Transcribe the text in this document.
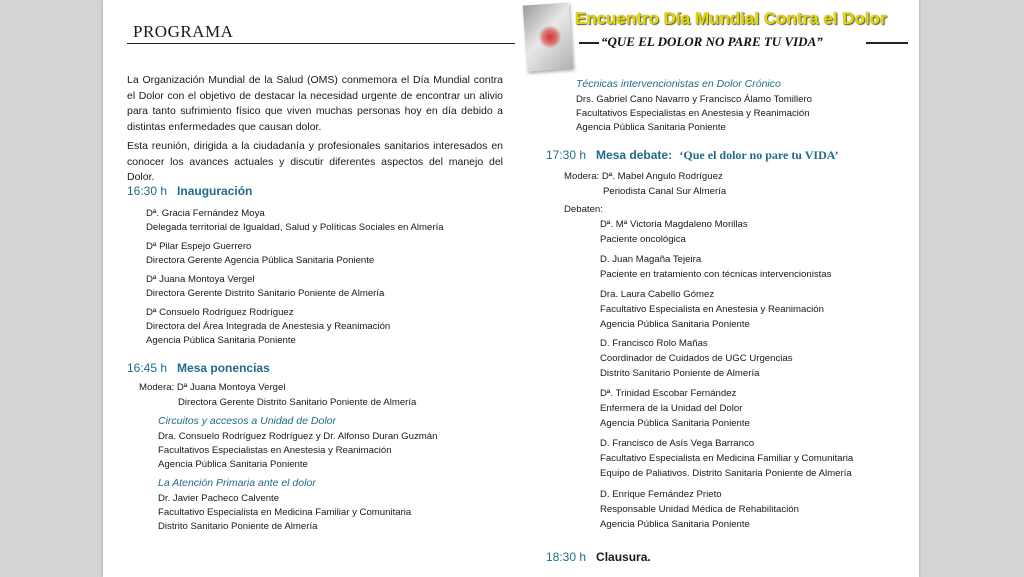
PROGRAMA
Encuentro Día Mundial Contra el Dolor
“QUE EL DOLOR NO PARE TU VIDA”
La Organización Mundial de la Salud (OMS) conmemora el Día Mundial contra el Dolor con el objetivo de destacar la necesidad urgente de encontrar un alivio para tanto sufrimiento físico que viven muchas personas hoy en día debido a distintas enfermedades que causan dolor.
Esta reunión, dirigida a la ciudadanía y profesionales sanitarios interesados en conocer los avances actuales y discutir diferentes aspectos del manejo del Dolor.
16:30 h Inauguración
Dª. Gracia Fernández Moya
Delegada territorial de Igualdad, Salud y Políticas Sociales en Almería
Dª Pilar Espejo Guerrero
Directora Gerente Agencia Pública Sanitaria Poniente
Dª Juana Montoya Vergel
Directora Gerente Distrito Sanitario Poniente de Almería
Dª Consuelo Rodríguez Rodríguez
Directora del Área Integrada de Anestesia y Reanimación
Agencia Pública Sanitaria Poniente
16:45 h Mesa ponencias
Modera: Dª Juana Montoya Vergel
Directora Gerente Distrito Sanitario Poniente de Almería
Circuitos y accesos a Unidad de Dolor
Dra. Consuelo Rodríguez Rodríguez y Dr. Alfonso Duran Guzmán
Facultativos Especialistas en Anestesia y Reanimación
Agencia Pública Sanitaria Poniente
La Atención Primaria ante el dolor
Dr. Javier Pacheco Calvente
Facultativo Especialista en Medicina Familiar y Comunitaria
Distrito Sanitario Poniente de Almería
Técnicas intervencionistas en Dolor Crónico
Drs. Gabriel Cano Navarro y Francisco Álamo Tomillero
Facultativos Especialistas en Anestesia y Reanimación
Agencia Pública Sanitaria Poniente
17:30 h Mesa debate: ‘Que el dolor no pare tu VIDA’
Modera: Dª. Mabel Angulo Rodríguez
Periodista Canal Sur Almería
Debaten:
Dª. Mª Victoria Magdaleno Morillas
Paciente oncológica
D. Juan Magaña Tejeira
Paciente en tratamiento con técnicas intervencionistas
Dra. Laura Cabello Gómez
Facultativo Especialista en Anestesia y Reanimación
Agencia Pública Sanitaria Poniente
D. Francisco Rolo Mañas
Coordinador de Cuidados de UGC Urgencias
Distrito Sanitario Poniente de Almería
Dª. Trinidad Escobar Fernández
Enfermera de la Unidad del Dolor
Agencia Pública Sanitaria Poniente
D. Francisco de Asís Vega Barranco
Facultativo Especialista en Medicina Familiar y Comunitaria
Equipo de Paliativos. Distrito Sanitaria Poniente de Almería
D. Enrique Fernández Prieto
Responsable Unidad Médica de Rehabilitación
Agencia Pública Sanitaria Poniente
18:30 h Clausura.
